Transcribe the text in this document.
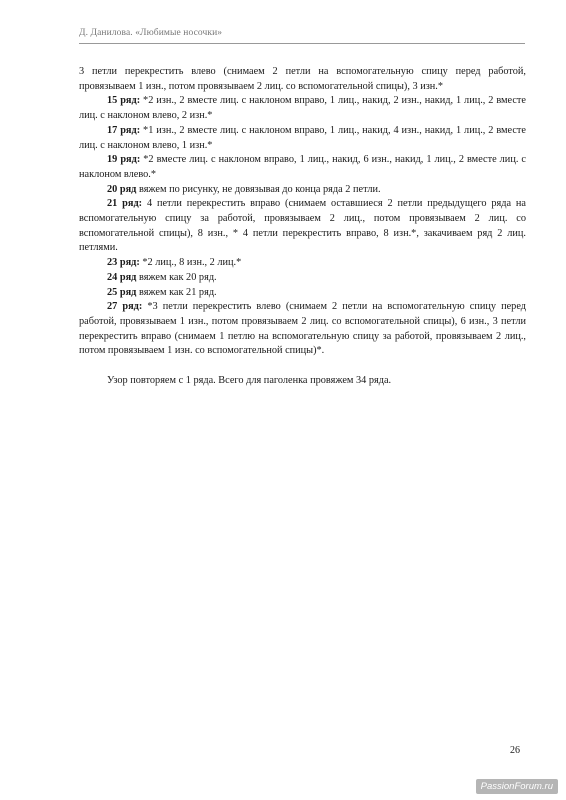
Д. Данилова. «Любимые носочки»

3 петли перекрестить влево (снимаем 2 петли на вспомогательную спицу перед работой, провязываем 1 изн., потом провязываем 2 лиц. со вспомогательной спицы), 3 изн.*

15 ряд: *2 изн., 2 вместе лиц. с наклоном вправо, 1 лиц., накид, 2 изн., накид, 1 лиц., 2 вместе лиц. с наклоном влево, 2 изн.*

17 ряд: *1 изн., 2 вместе лиц. с наклоном вправо, 1 лиц., накид, 4 изн., накид, 1 лиц., 2 вместе лиц. с наклоном влево, 1 изн.*

19 ряд: *2 вместе лиц. с наклоном вправо, 1 лиц., накид, 6 изн., накид, 1 лиц., 2 вместе лиц. с наклоном влево.*

20 ряд вяжем по рисунку, не довязывая до конца ряда 2 петли.

21 ряд: 4 петли перекрестить вправо (снимаем оставшиеся 2 петли предыдущего ряда на вспомогательную спицу за работой, провязываем 2 лиц., потом провязываем 2 лиц. со вспомогательной спицы), 8 изн., * 4 петли перекрестить вправо, 8 изн.*, закачиваем ряд 2 лиц. петлями.

23 ряд: *2 лиц., 8 изн., 2 лиц.*

24 ряд вяжем как 20 ряд.

25 ряд вяжем как 21 ряд.

27 ряд: *3 петли перекрестить влево (снимаем 2 петли на вспомогательную спицу перед работой, провязываем 1 изн., потом провязываем 2 лиц. со вспомогательной спицы), 6 изн., 3 петли перекрестить вправо (снимаем 1 петлю на вспомогательную спицу за работой, провязываем 2 лиц., потом провязываем 1 изн. со вспомогательной спицы)*.

Узор повторяем с 1 ряда. Всего для паголенка провяжем 34 ряда.

26
PassionForum.ru
